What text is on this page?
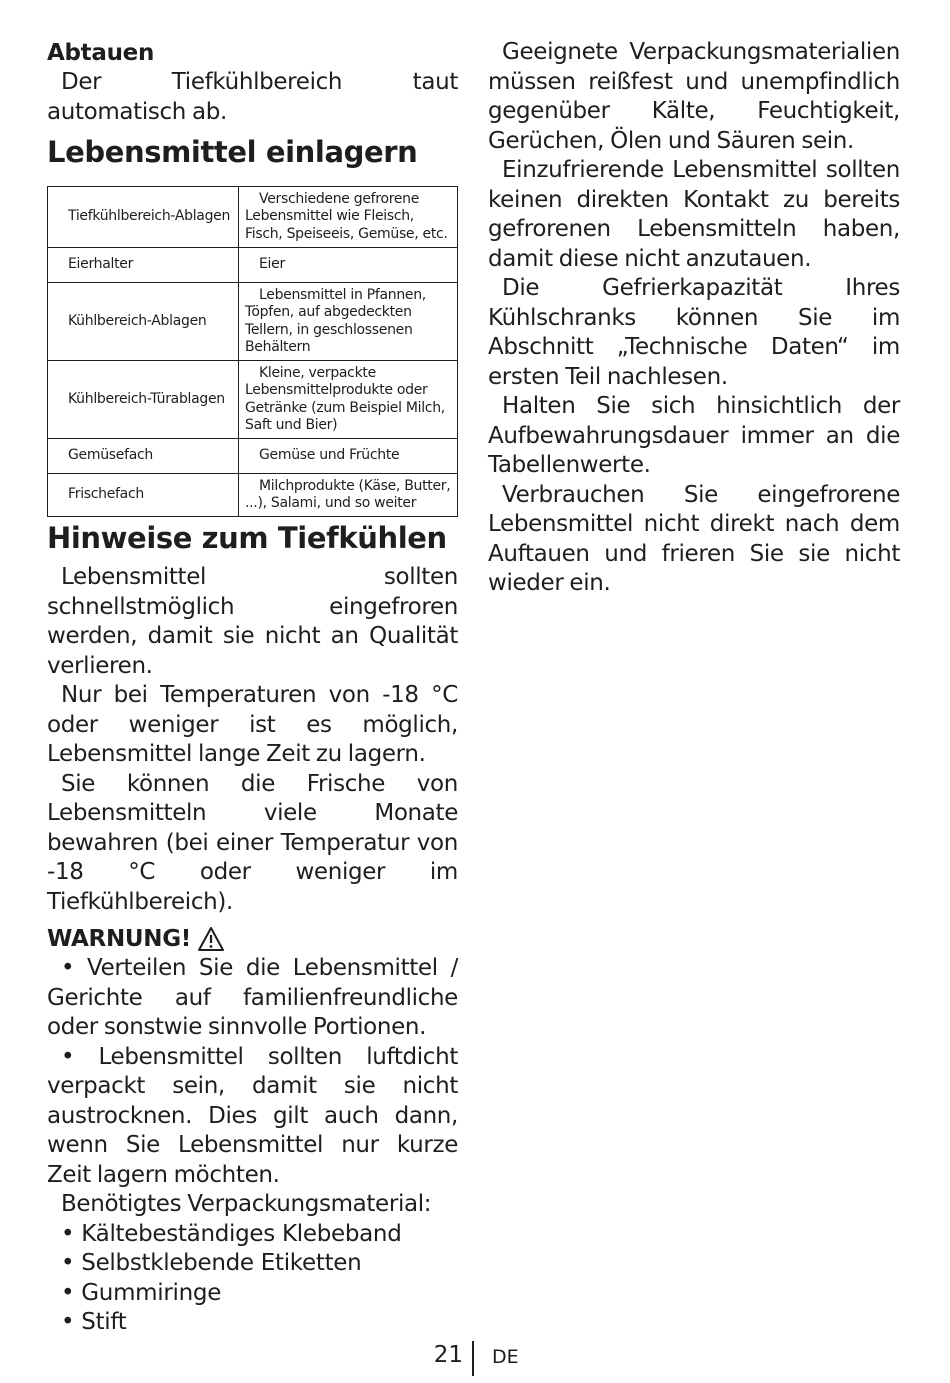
Abtauen

Der Tiefkühlbereich taut automatisch ab.

Lebensmittel einlagern
Tiefkühlbereich-Ablagen	Verschiedene gefrorene Lebensmittel wie Fleisch, Fisch, Speiseeis, Gemüse, etc.

Eierhalter	Eier

Kühlbereich-Ablagen	Lebensmittel in Pfannen, Töpfen, auf abgedeckten Tellern, in geschlossenen Behältern

Kühlbereich-Türablagen	Kleine, verpackte Lebensmittelprodukte oder Getränke (zum Beispiel Milch, Saft und Bier)

Gemüsefach	Gemüse und Früchte

Frischefach	Milchprodukte (Käse, Butter, ...), Salami, und so weiter
Hinweise zum Tiefkühlen

Lebensmittel sollten schnellstmöglich eingefroren werden, damit sie nicht an Qualität verlieren.

Nur bei Temperaturen von -18 °C oder weniger ist es möglich, Lebensmittel lange Zeit zu lagern.

Sie können die Frische von Lebensmitteln viele Monate bewahren (bei einer Temperatur von -18 °C oder weniger im Tiefkühlbereich).

WARNUNG!

• Verteilen Sie die Lebensmittel / Gerichte auf familienfreundliche oder sonstwie sinnvolle Portionen.

• Lebensmittel sollten luftdicht verpackt sein, damit sie nicht austrocknen. Dies gilt auch dann, wenn Sie Lebensmittel nur kurze Zeit lagern möchten.

Benötigtes Verpackungsmaterial:

• Kältebeständiges Klebeband
• Selbstklebende Etiketten
• Gummiringe
• Stift

Geeignete Verpackungsmaterialien müssen reißfest und unempfindlich gegenüber Kälte, Feuchtigkeit, Gerüchen, Ölen und Säuren sein.

Einzufrierende Lebensmittel sollten keinen direkten Kontakt zu bereits gefrorenen Lebensmitteln haben, damit diese nicht anzutauen.

Die Gefrierkapazität Ihres Kühlschranks können Sie im Abschnitt „Technische Daten“ im ersten Teil nachlesen.

Halten Sie sich hinsichtlich der Aufbewahrungsdauer immer an die Tabellenwerte.

Verbrauchen Sie eingefrorene Lebensmittel nicht direkt nach dem Auftauen und frieren Sie sie nicht wieder ein.

21 DE
